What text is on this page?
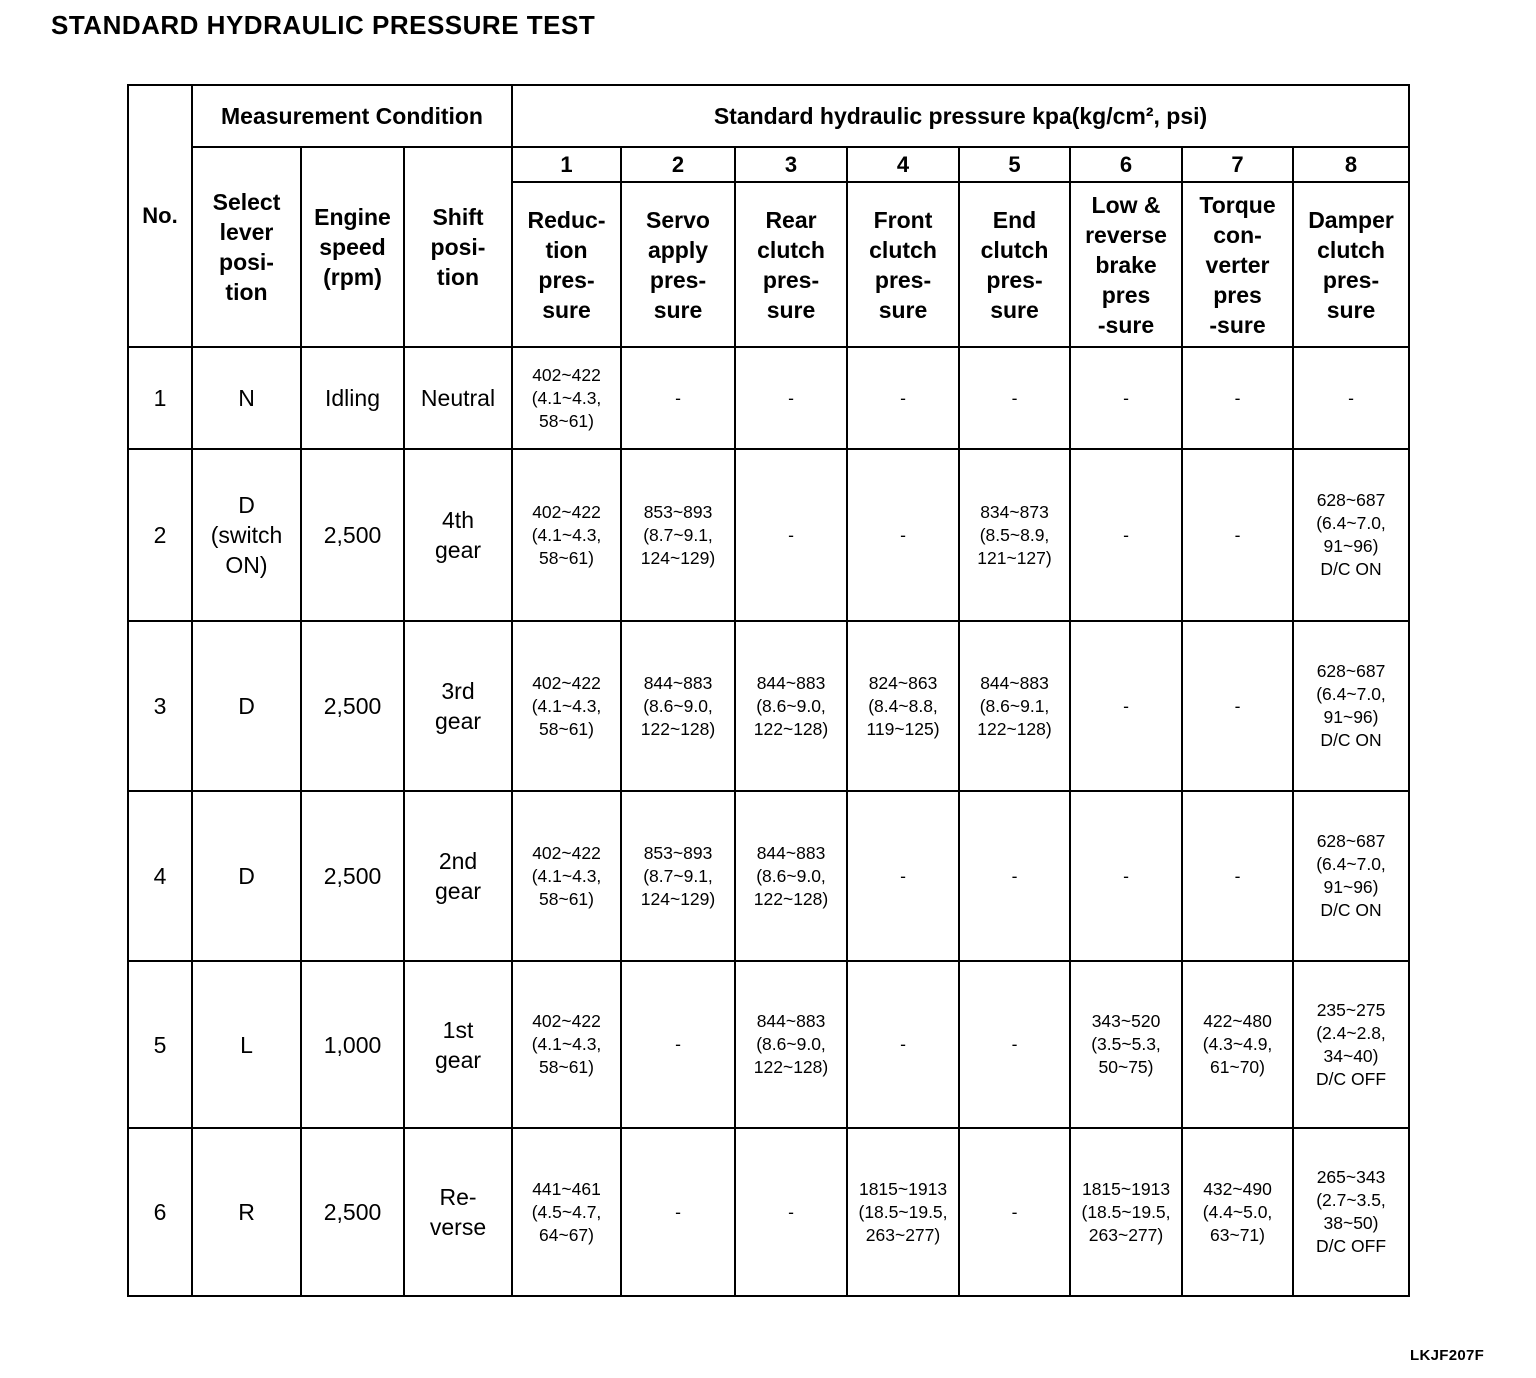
STANDARD HYDRAULIC PRESSURE TEST
No.	Measurement Condition			Standard hydraulic pressure kpa(kg/cm², psi)							

	Select
lever
posi-
tion	Engine
speed
(rpm)	Shift
posi-
tion	1	2	3	4	5	6	7	8

				Reduc-
tion
pres-
sure	Servo
apply
pres-
sure	Rear
clutch
pres-
sure	Front
clutch
pres-
sure	End
clutch
pres-
sure	Low &
reverse
brake
pres
-sure	Torque
con-
verter
pres
-sure	Damper
clutch
pres-
sure

1	N	Idling	Neutral	402~422
(4.1~4.3,
58~61)	-	-	-	-	-	-	-

2	D
(switch
ON)	2,500	4th
gear	402~422
(4.1~4.3,
58~61)	853~893
(8.7~9.1,
124~129)	-	-	834~873
(8.5~8.9,
121~127)	-	-	628~687
(6.4~7.0,
91~96)
D/C ON

3	D	2,500	3rd
gear	402~422
(4.1~4.3,
58~61)	844~883
(8.6~9.0,
122~128)	844~883
(8.6~9.0,
122~128)	824~863
(8.4~8.8,
119~125)	844~883
(8.6~9.1,
122~128)	-	-	628~687
(6.4~7.0,
91~96)
D/C ON

4	D	2,500	2nd
gear	402~422
(4.1~4.3,
58~61)	853~893
(8.7~9.1,
124~129)	844~883
(8.6~9.0,
122~128)	-	-	-	-	628~687
(6.4~7.0,
91~96)
D/C ON

5	L	1,000	1st
gear	402~422
(4.1~4.3,
58~61)	-	844~883
(8.6~9.0,
122~128)	-	-	343~520
(3.5~5.3,
50~75)	422~480
(4.3~4.9,
61~70)	235~275
(2.4~2.8,
34~40)
D/C OFF

6	R	2,500	Re-
verse	441~461
(4.5~4.7,
64~67)	-	-	1815~1913
(18.5~19.5,
263~277)	-	1815~1913
(18.5~19.5,
263~277)	432~490
(4.4~5.0,
63~71)	265~343
(2.7~3.5,
38~50)
D/C OFF
LKJF207F
